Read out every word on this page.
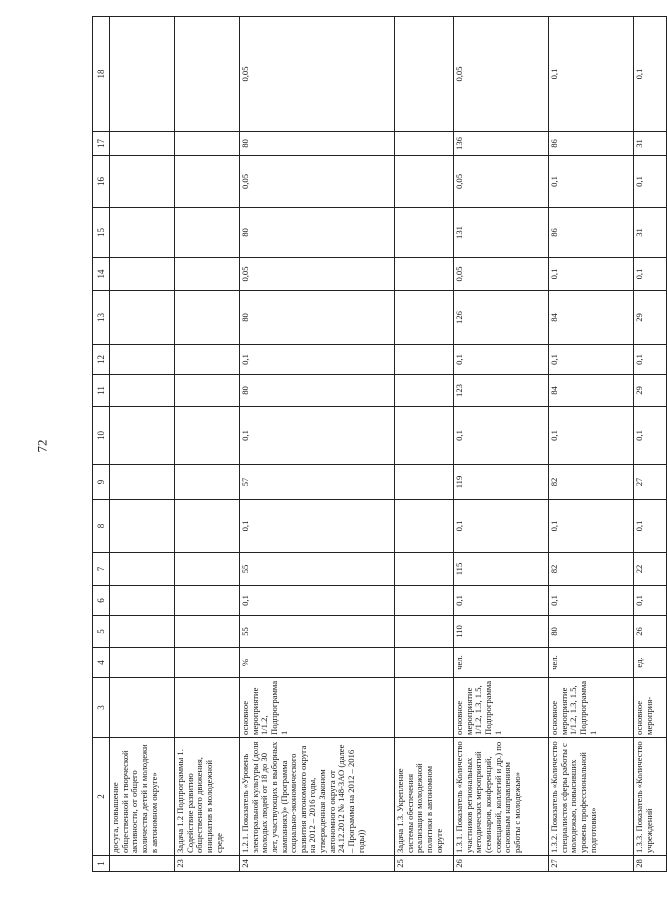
72
1	2	3	4	5	6	7	8	9	10	11	12	13	14	15	16	17	18
	досуга, повышение общественной и творческой активности, от общего количества детей и молодежи в автономном округе»																
23	Задача 1.2 Подпрограммы 1. Содействие развитию общественного движения, инициатив в молодежной среде																
24	1.2.1. Показатель «Уровень электоральной культуры (доля молодых людей от 18 до 30 лет, участвующих в выборных кампаниях)» (Программа социально-экономического развития автономного округа на 2012 – 2016 годы, утвержденная Законом автономного округа от 24.12.2012 № 148-ЗАО (далее – Программа на 2012 – 2016 годы))	основное мероприятие 1/1.2, Подпрограмма 1	%	55	0,1	55	0,1	57	0,1	80	0,1	80	0,05	80	0,05	80	0,05
25	Задача 1.3. Укрепление системы обеспечения реализации молодежной политики в автономном округе																
26	1.3.1. Показатель «Количество участников региональных методических мероприятий (семинаров, конференций, совещаний, коллегий и др.) по основным направлениям работы с молодежью»	основное мероприятие 1/1.2, 1.3, 1.5, Подпрограмма 1	чел.	110	0,1	115	0,1	119	0,1	123	0,1	126	0,05	131	0,05	136	0,05
27	1.3.2. Показатель «Количество специалистов сферы работы с молодежью, повысивших уровень профессиональной подготовки»	основное мероприятие 1/1.2, 1.3, 1.5, Подпрограмма 1	чел.	80	0,1	82	0,1	82	0,1	84	0,1	84	0,1	86	0,1	86	0,1
28	1.3.3. Показатель «Количество учреждений	основное мероприя-	ед.	26	0,1	22	0,1	27	0,1	29	0,1	29	0,1	31	0,1	31	0,1
